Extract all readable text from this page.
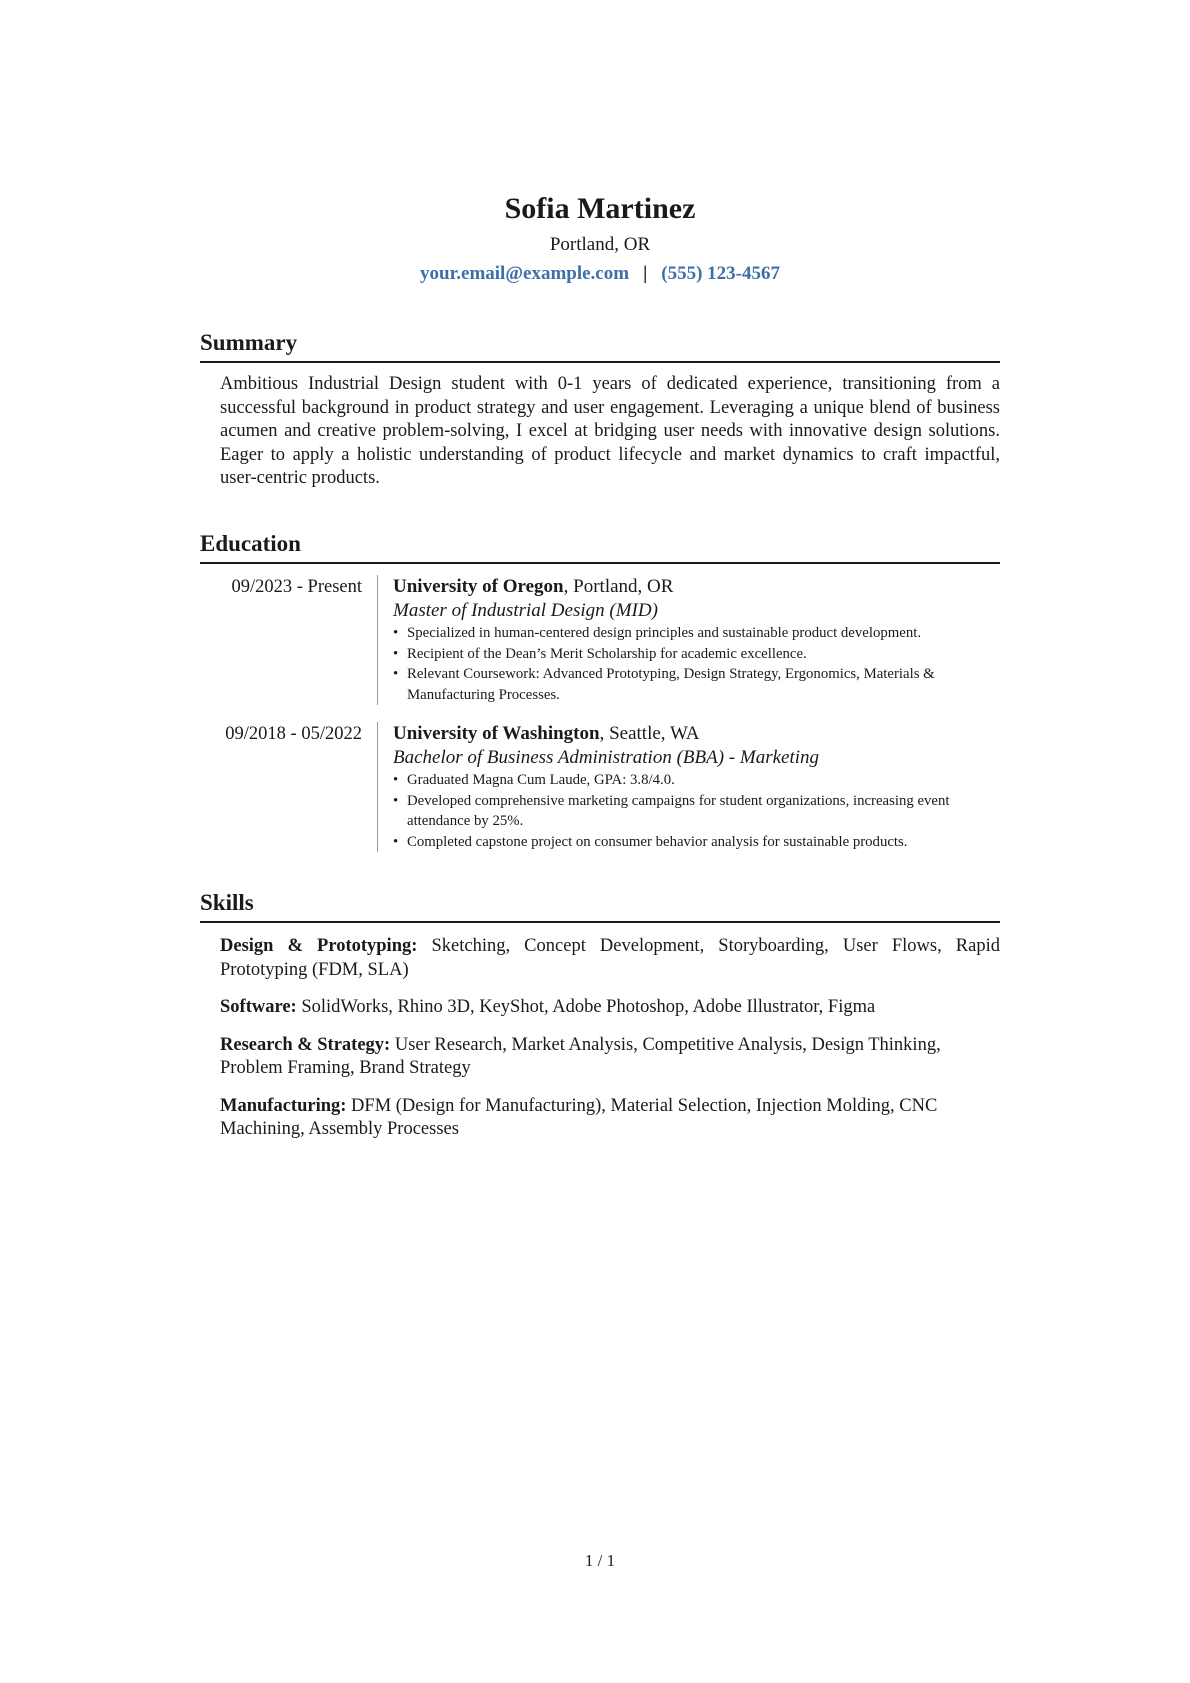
Sofia Martinez
Portland, OR
your.email@example.com | (555) 123-4567
Summary
Ambitious Industrial Design student with 0-1 years of dedicated experience, transitioning from a successful background in product strategy and user engagement. Leveraging a unique blend of business acumen and creative problem-solving, I excel at bridging user needs with innovative design solutions. Eager to apply a holistic understanding of product lifecycle and market dynamics to craft impactful, user-centric products.
Education
09/2023 - Present	University of Oregon, Portland, OR
Master of Industrial Design (MID)
• Specialized in human-centered design principles and sustainable product development.
• Recipient of the Dean’s Merit Scholarship for academic excellence.
• Relevant Coursework: Advanced Prototyping, Design Strategy, Ergonomics, Materials & Manufacturing Processes.
09/2018 - 05/2022	University of Washington, Seattle, WA
Bachelor of Business Administration (BBA) - Marketing
• Graduated Magna Cum Laude, GPA: 3.8/4.0.
• Developed comprehensive marketing campaigns for student organizations, increasing event attendance by 25%.
• Completed capstone project on consumer behavior analysis for sustainable products.
Skills
Design & Prototyping: Sketching, Concept Development, Storyboarding, User Flows, Rapid Prototyping (FDM, SLA)
Software: SolidWorks, Rhino 3D, KeyShot, Adobe Photoshop, Adobe Illustrator, Figma
Research & Strategy: User Research, Market Analysis, Competitive Analysis, Design Thinking, Problem Framing, Brand Strategy
Manufacturing: DFM (Design for Manufacturing), Material Selection, Injection Molding, CNC Machining, Assembly Processes
1 / 1
